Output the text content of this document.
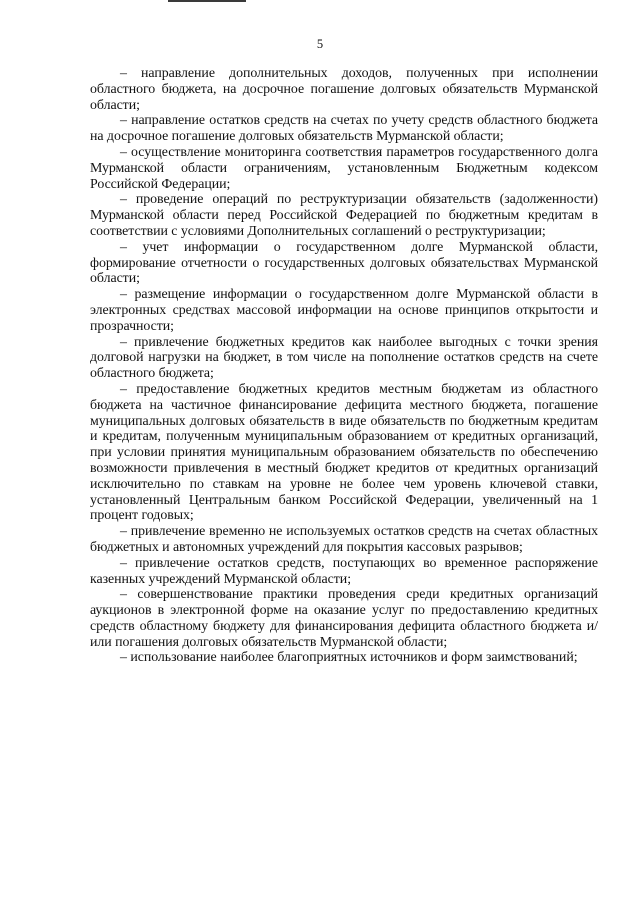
5

– направление дополнительных доходов, полученных при исполнении областного бюджета, на досрочное погашение долговых обязательств Мурманской области;

– направление остатков средств на счетах по учету средств областного бюджета на досрочное погашение долговых обязательств Мурманской области;

– осуществление мониторинга соответствия параметров государственного долга Мурманской области ограничениям, установленным Бюджетным кодексом Российской Федерации;

– проведение операций по реструктуризации обязательств (задолженности) Мурманской области перед Российской Федерацией по бюджетным кредитам в соответствии с условиями Дополнительных соглашений о реструктуризации;

– учет информации о государственном долге Мурманской области, формирование отчетности о государственных долговых обязательствах Мурманской области;

– размещение информации о государственном долге Мурманской области в электронных средствах массовой информации на основе принципов открытости и прозрачности;

– привлечение бюджетных кредитов как наиболее выгодных с точки зрения долговой нагрузки на бюджет, в том числе на пополнение остатков средств на счете областного бюджета;

– предоставление бюджетных кредитов местным бюджетам из областного бюджета на частичное финансирование дефицита местного бюджета, погашение муниципальных долговых обязательств в виде обязательств по бюджетным кредитам и кредитам, полученным муниципальным образованием от кредитных организаций, при условии принятия муниципальным образованием обязательств по обеспечению возможности привлечения в местный бюджет кредитов от кредитных организаций исключительно по ставкам на уровне не более чем уровень ключевой ставки, установленный Центральным банком Российской Федерации, увеличенный на 1 процент годовых;

– привлечение временно не используемых остатков средств на счетах областных бюджетных и автономных учреждений для покрытия кассовых разрывов;

– привлечение остатков средств, поступающих во временное распоряжение казенных учреждений Мурманской области;

– совершенствование практики проведения среди кредитных организаций аукционов в электронной форме на оказание услуг по предоставлению кредитных средств областному бюджету для финансирования дефицита областного бюджета и/или погашения долговых обязательств Мурманской области;

– использование наиболее благоприятных источников и форм заимствований;
